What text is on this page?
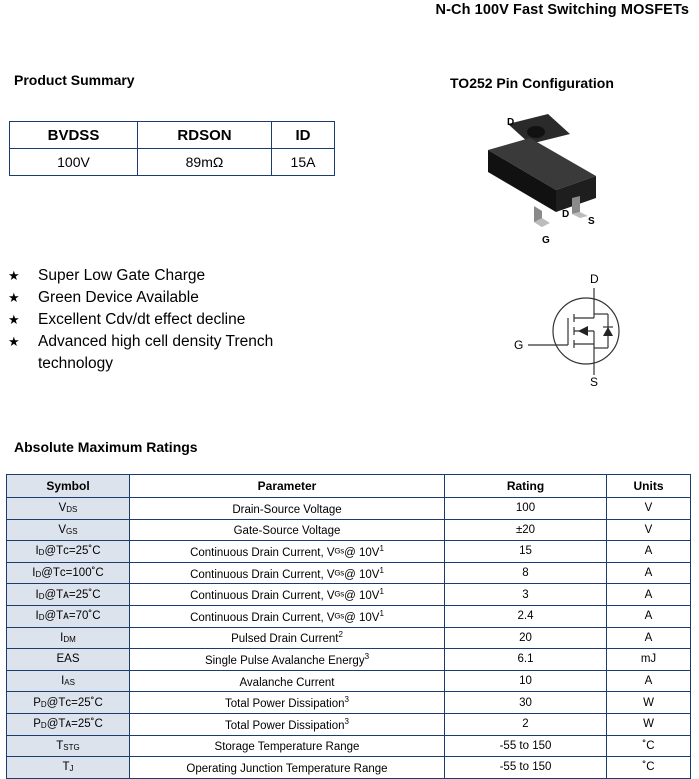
N-Ch 100V Fast Switching MOSFETs
Product Summary
BVDSS	RDSON	ID
100V	89mΩ	15A
TO252 Pin Configuration
D
D
S
G
D
G
S
★	Super Low Gate Charge
★	Green Device Available
★	Excellent Cdv/dt effect decline
★	Advanced high cell density Trench technology
Absolute Maximum Ratings
Symbol	Parameter	Rating	Units
$V_{DS}$	Drain-Source Voltage	100	V
$V_{GS}$	Gate-Source Voltage	±20	V
$I_D@Tᴄ=25˚C$	Continuous Drain Current, Vᴳˢ@ $10V^1$	15	A
$I_D@Tᴄ=100˚C$	Continuous Drain Current, Vᴳˢ@ $10V^1$	8	A
$I_D@Tᴀ=25˚C$	Continuous Drain Current, Vᴳˢ@ $10V^1$	3	A
$I_D@Tᴀ=70˚C$	Continuous Drain Current, Vᴳˢ@ $10V^1$	2.4	A
$I_{DM}$	Pulsed Drain Current$^2$	20	A
EAS	Single Pulse Avalanche Energy$^3$	6.1	mJ
$I_{AS}$	Avalanche Current	10	A
$P_D@Tᴄ=25˚C$	Total Power Dissipation$^3$	30	W
$P_D@Tᴀ=25˚C$	Total Power Dissipation$^3$	2	W
$T_{STG}$	Storage Temperature Range	-55 to 150	˚C
$T_J$	Operating Junction Temperature Range	-55 to 150	˚C
